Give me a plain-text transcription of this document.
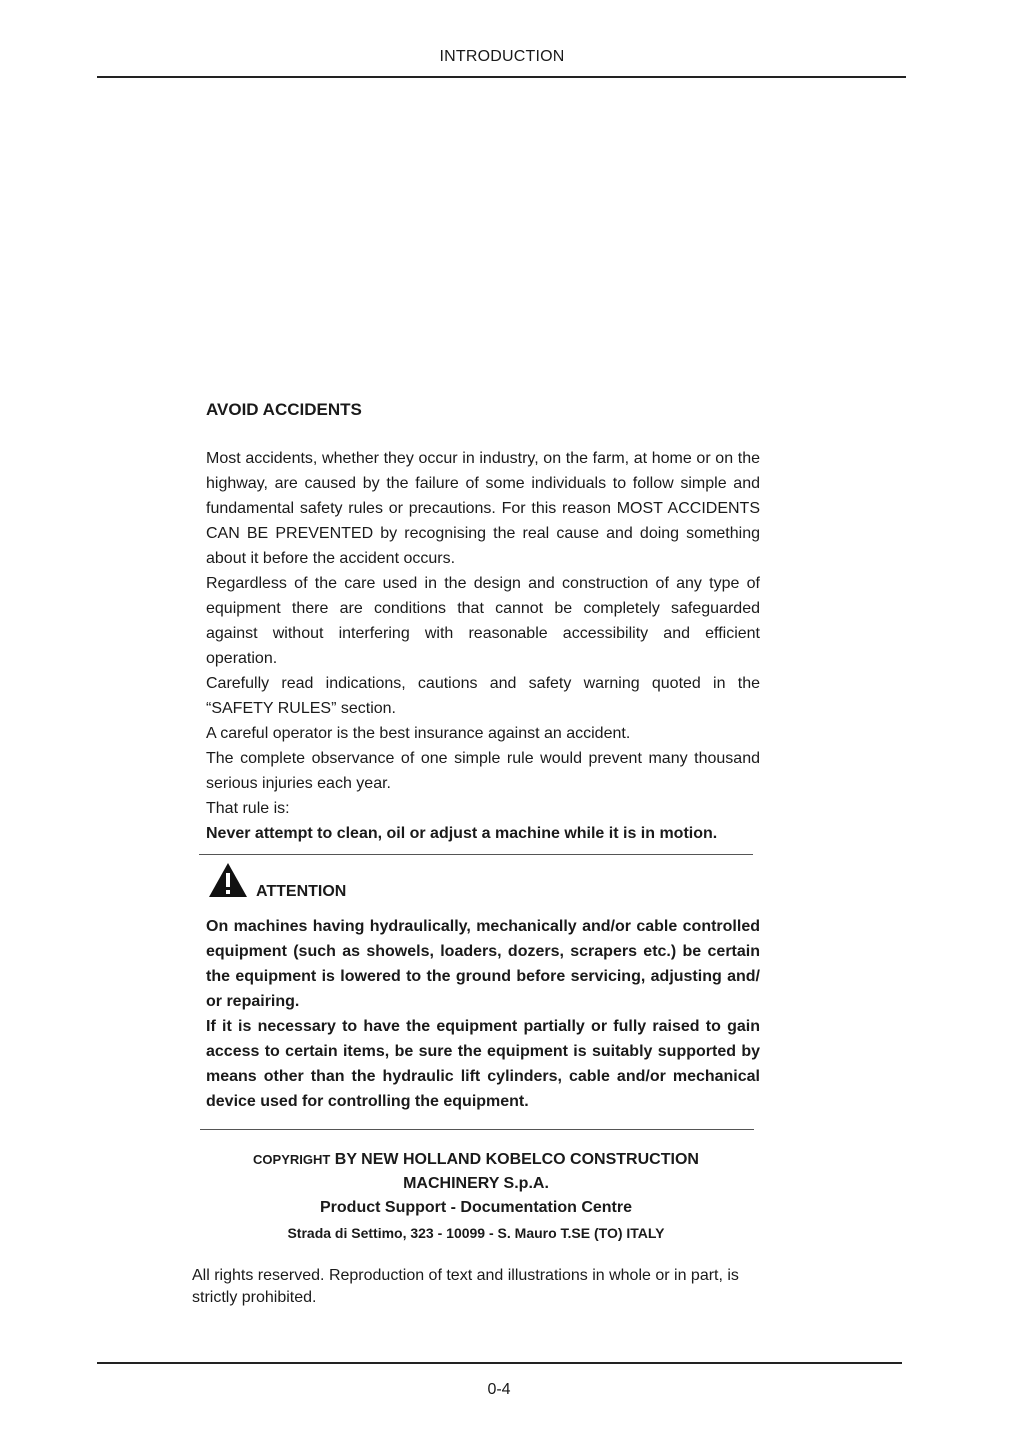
INTRODUCTION
AVOID ACCIDENTS

Most accidents, whether they occur in industry, on the farm, at home or on the highway, are caused by the failure of some individuals to follow simple and fundamental safety rules or precautions. For this reason MOST ACCIDENTS CAN BE PREVENTED by recognising the real cause and doing something about it before the accident occurs.

Regardless of the care used in the design and construction of any type of equipment there are conditions that cannot be completely safeguarded against without interfering with reasonable accessibility and efficient operation.

Carefully read indications, cautions and safety warning quoted in the “SAFETY RULES” section.

A careful operator is the best insurance against an accident.

The complete observance of one simple rule would prevent many thousand serious injuries each year.

That rule is:

Never attempt to clean, oil or adjust a machine while it is in motion.

ATTENTION

On machines having hydraulically, mechanically and/or cable controlled equipment (such as showels, loaders, dozers, scrapers etc.) be certain the equipment is lowered to the ground before servicing, adjusting and/ or repairing.

If it is necessary to have the equipment partially or fully raised to gain access to certain items, be sure the equipment is suitably supported by means other than the hydraulic lift cylinders, cable and/or mechanical device used for controlling the equipment.

COPYRIGHT BY NEW HOLLAND KOBELCO CONSTRUCTION
MACHINERY S.p.A.
Product Support - Documentation Centre
Strada di Settimo, 323 - 10099 - S. Mauro T.SE (TO) ITALY
All rights reserved. Reproduction of text and illustrations in whole or in part, is strictly prohibited.
0-4
